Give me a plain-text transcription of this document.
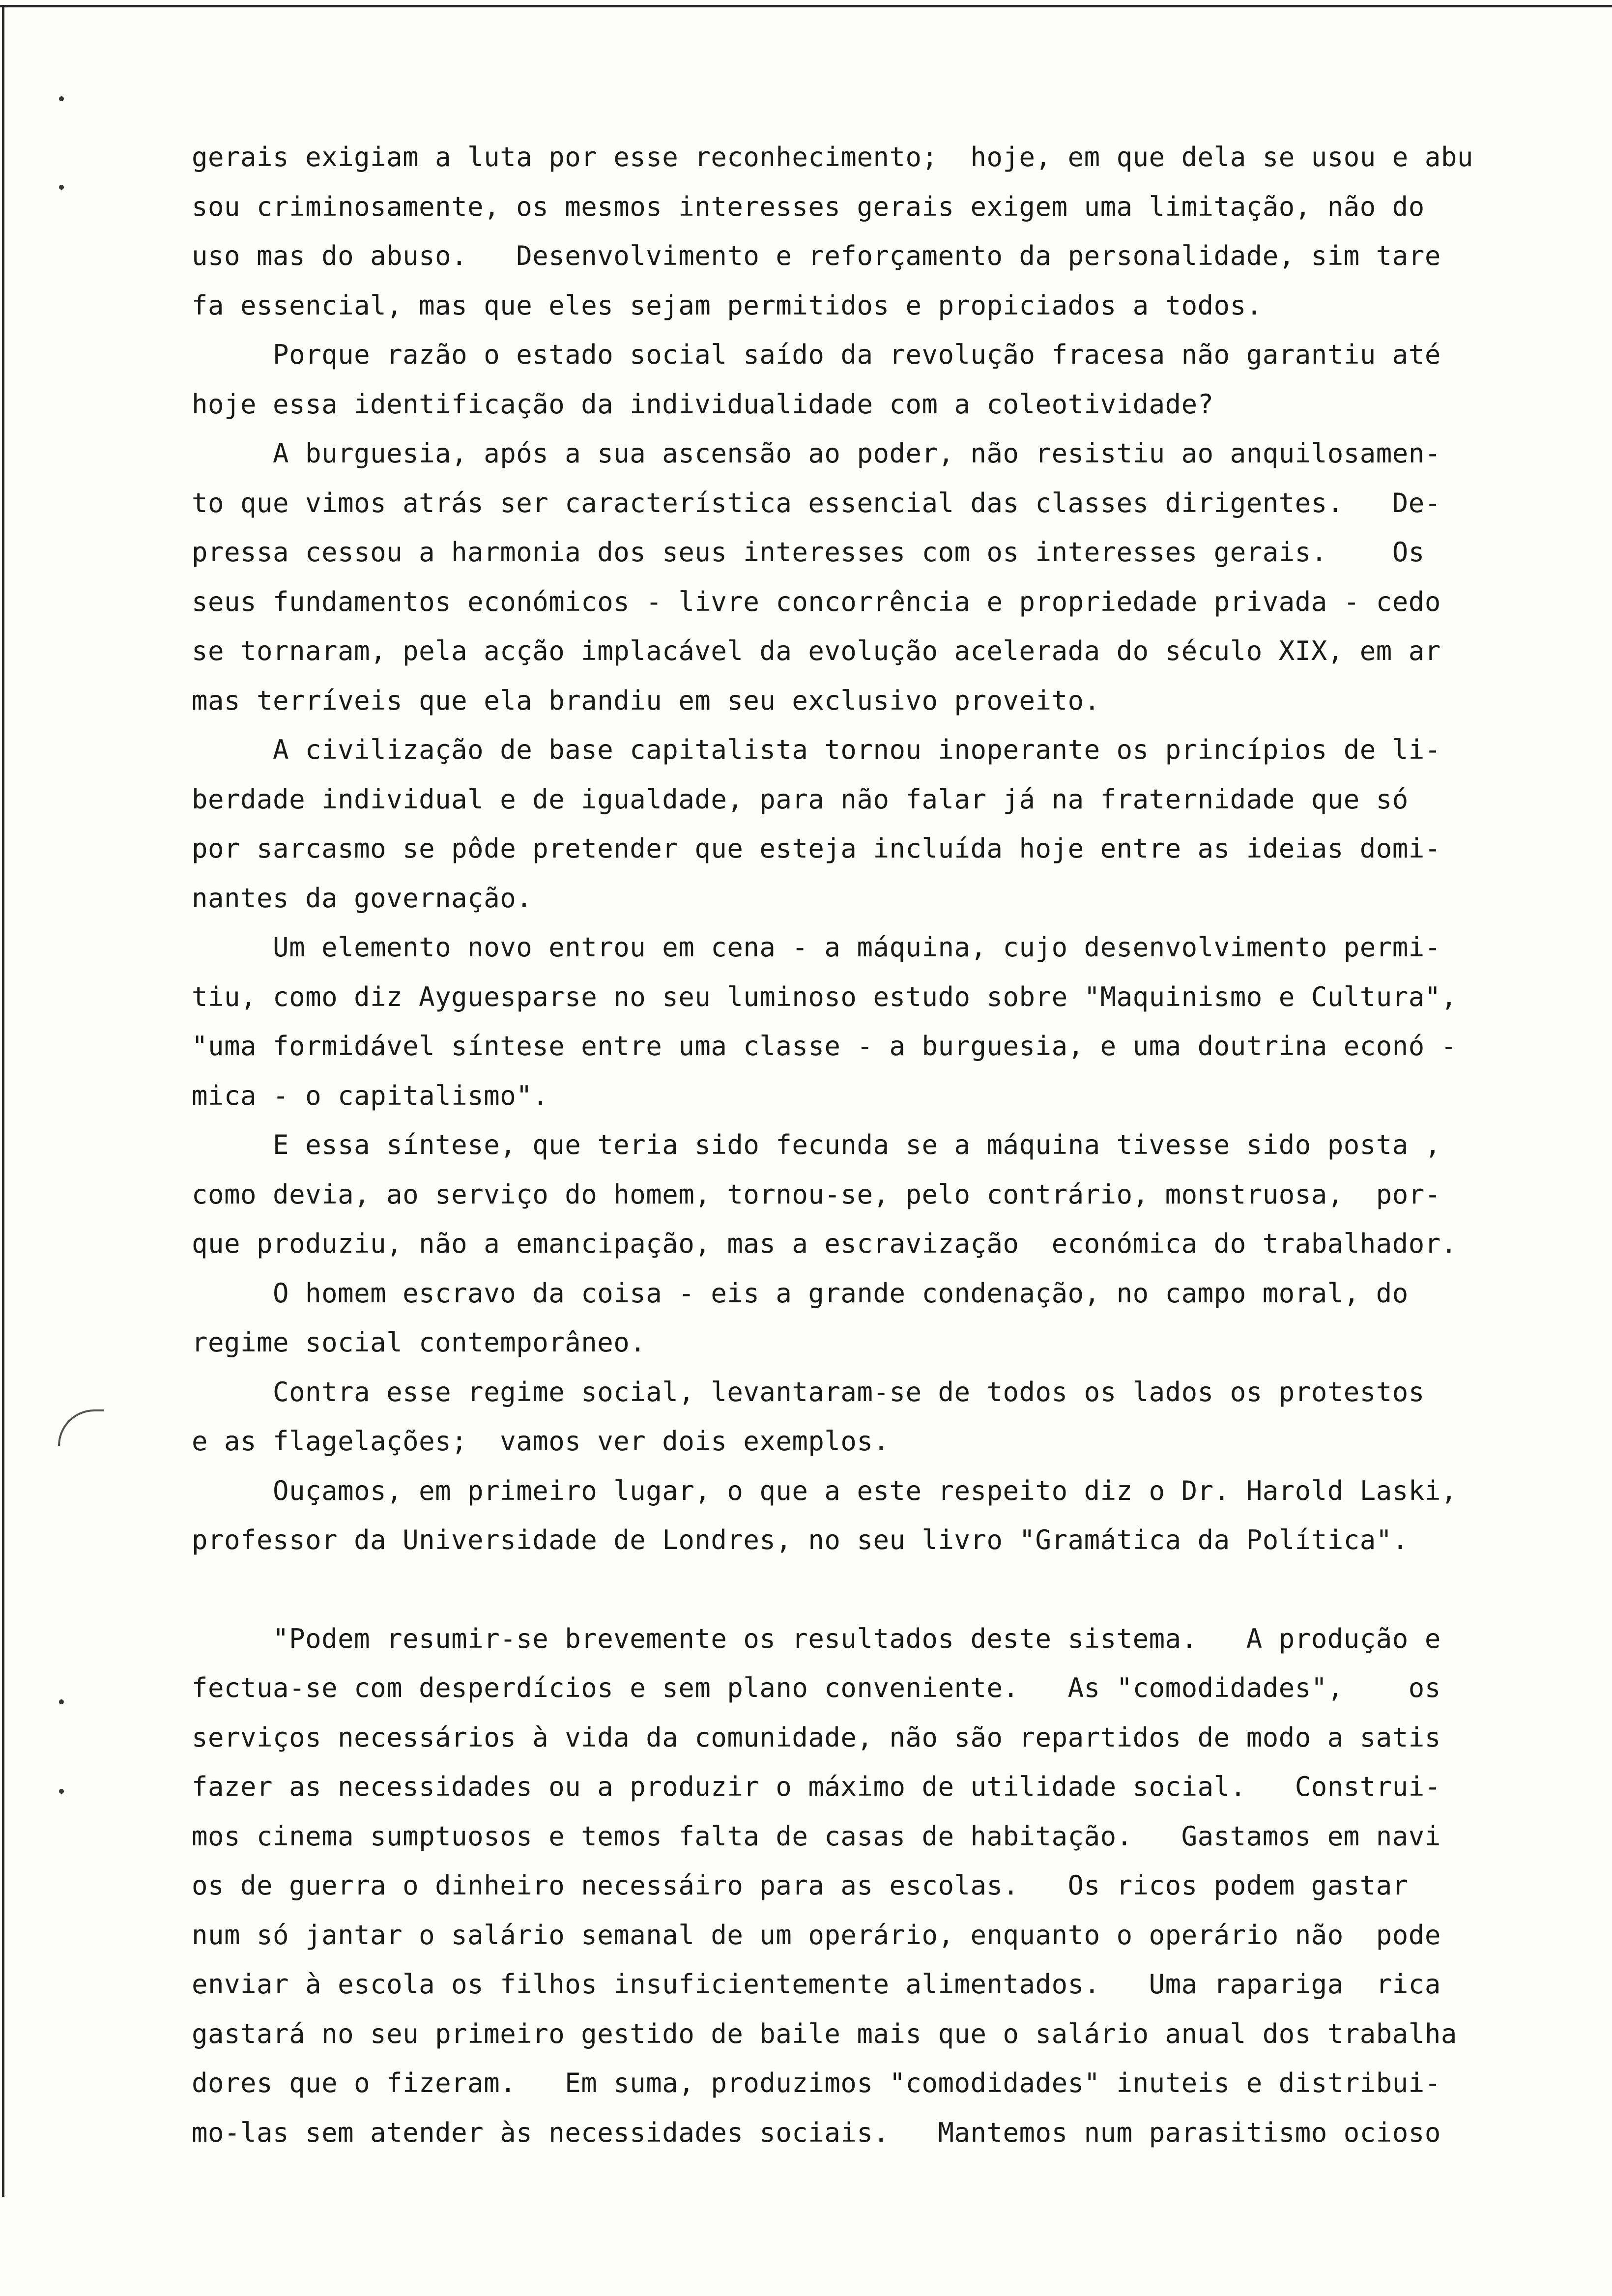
gerais exigiam a luta por esse reconhecimento;  hoje, em que dela se usou e abu
sou criminosamente, os mesmos interesses gerais exigem uma limitação, não do
uso mas do abuso.   Desenvolvimento e reforçamento da personalidade, sim tare
fa essencial, mas que eles sejam permitidos e propiciados a todos.
Porque razão o estado social saído da revolução fracesa não garantiu até
hoje essa identificação da individualidade com a coleotividade?
A burguesia, após a sua ascensão ao poder, não resistiu ao anquilosamen-
to que vimos atrás ser característica essencial das classes dirigentes.   De-
pressa cessou a harmonia dos seus interesses com os interesses gerais.    Os
seus fundamentos económicos - livre concorrência e propriedade privada - cedo
se tornaram, pela acção implacável da evolução acelerada do século XIX, em ar
mas terríveis que ela brandiu em seu exclusivo proveito.
A civilização de base capitalista tornou inoperante os princípios de li-
berdade individual e de igualdade, para não falar já na fraternidade que só
por sarcasmo se pôde pretender que esteja incluída hoje entre as ideias domi-
nantes da governação.
Um elemento novo entrou em cena - a máquina, cujo desenvolvimento permi-
tiu, como diz Ayguesparse no seu luminoso estudo sobre "Maquinismo e Cultura",
"uma formidável síntese entre uma classe - a burguesia, e uma doutrina econó -
mica - o capitalismo".
E essa síntese, que teria sido fecunda se a máquina tivesse sido posta ,
como devia, ao serviço do homem, tornou-se, pelo contrário, monstruosa,  por-
que produziu, não a emancipação, mas a escravização  económica do trabalhador.
O homem escravo da coisa - eis a grande condenação, no campo moral, do
regime social contemporâneo.
Contra esse regime social, levantaram-se de todos os lados os protestos
e as flagelações;  vamos ver dois exemplos.
Ouçamos, em primeiro lugar, o que a este respeito diz o Dr. Harold Laski,
professor da Universidade de Londres, no seu livro "Gramática da Política".
"Podem resumir-se brevemente os resultados deste sistema.   A produção e
fectua-se com desperdícios e sem plano conveniente.   As "comodidades",    os
serviços necessários à vida da comunidade, não são repartidos de modo a satis
fazer as necessidades ou a produzir o máximo de utilidade social.   Construi-
mos cinema sumptuosos e temos falta de casas de habitação.   Gastamos em navi
os de guerra o dinheiro necessáiro para as escolas.   Os ricos podem gastar
num só jantar o salário semanal de um operário, enquanto o operário não  pode
enviar à escola os filhos insuficientemente alimentados.   Uma rapariga  rica
gastará no seu primeiro gestido de baile mais que o salário anual dos trabalha
dores que o fizeram.   Em suma, produzimos "comodidades" inuteis e distribui-
mo-las sem atender às necessidades sociais.   Mantemos num parasitismo ocioso
